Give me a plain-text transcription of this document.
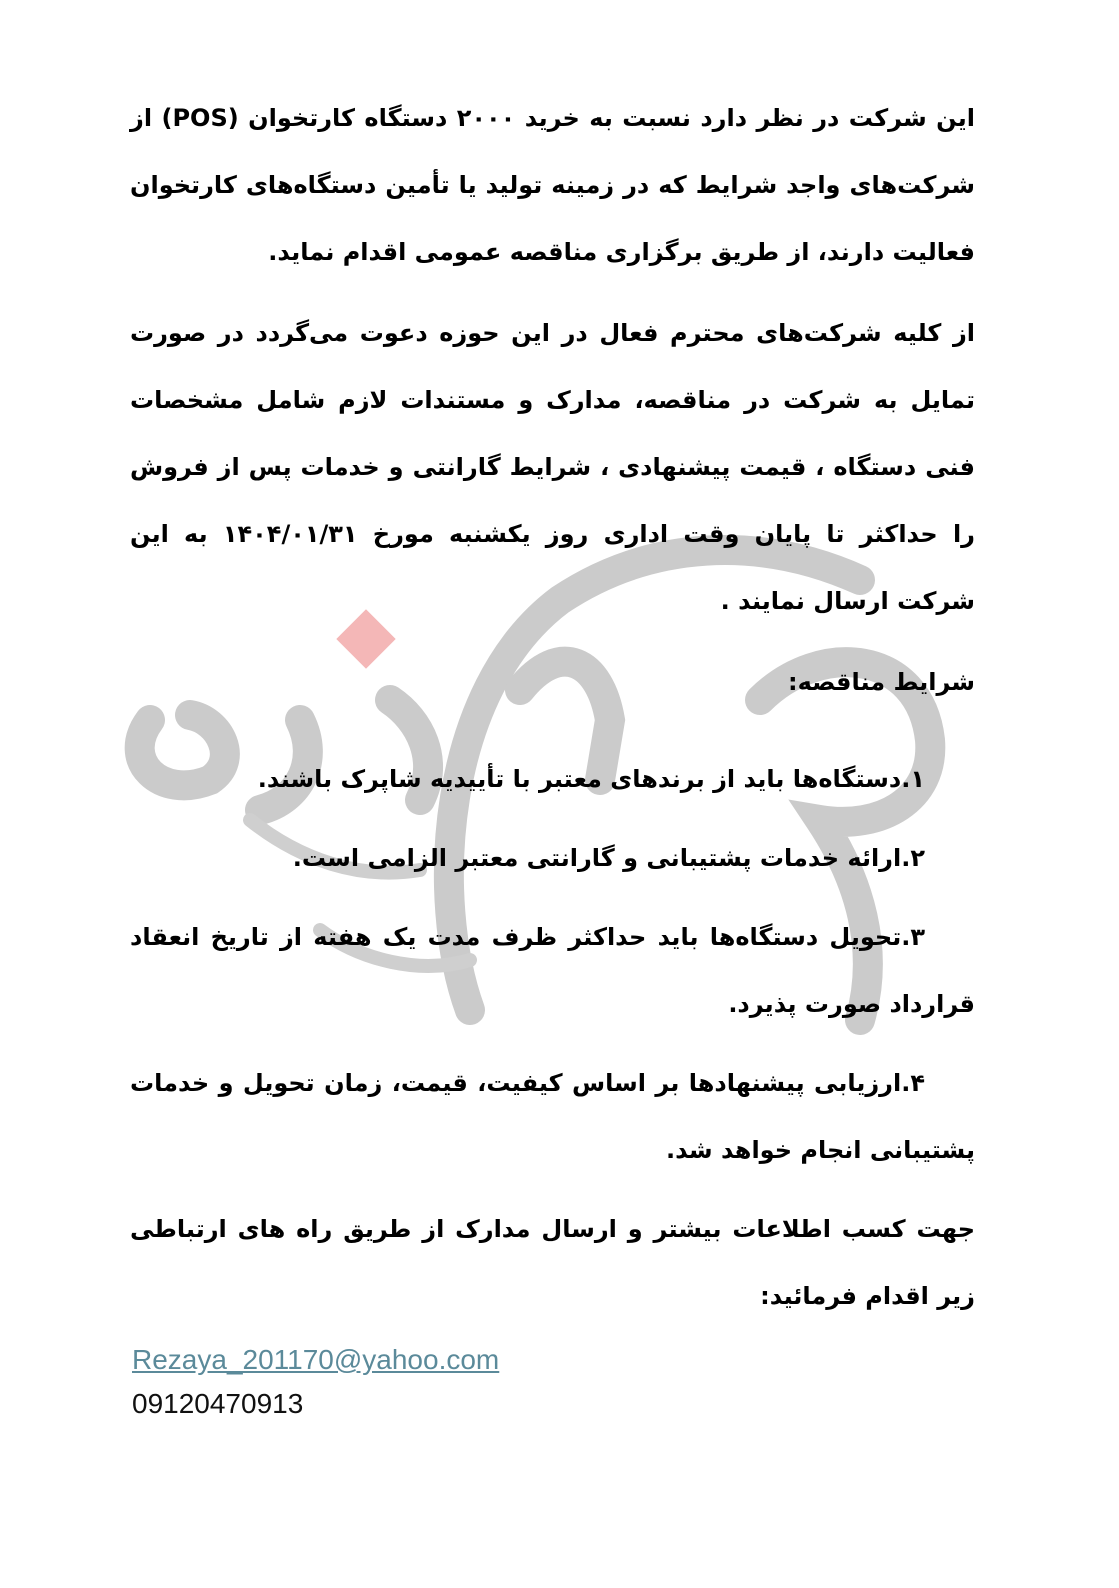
این شرکت در نظر دارد نسبت به خرید ۲۰۰۰ دستگاه کارتخوان (POS) از شرکت‌های واجد شرایط که در زمینه تولید یا تأمین دستگاه‌های کارتخوان فعالیت دارند، از طریق برگزاری مناقصه عمومی اقدام نماید.

از کلیه شرکت‌های محترم فعال در این حوزه دعوت می‌گردد در صورت تمایل به شرکت در مناقصه، مدارک و مستندات لازم شامل مشخصات فنی دستگاه ، قیمت پیشنهادی ، شرایط گارانتی و خدمات پس از فروش را حداکثر تا پایان وقت اداری روز یکشنبه مورخ ۱۴۰۴/۰۱/۳۱ به این شرکت ارسال نمایند .

شرایط مناقصه:

۱.دستگاه‌ها باید از برندهای معتبر با تأییدیه شاپرک باشند.

۲.ارائه خدمات پشتیبانی و گارانتی معتبر الزامی است.

۳.تحویل دستگاه‌ها باید حداکثر ظرف مدت یک هفته از تاریخ انعقاد قرارداد صورت پذیرد.

۴.ارزیابی پیشنهادها بر اساس کیفیت، قیمت، زمان تحویل و خدمات پشتیبانی انجام خواهد شد.

جهت کسب اطلاعات بیشتر و ارسال مدارک از طریق راه های ارتباطی زیر اقدام فرمائید:

Rezaya_201170@yahoo.com
09120470913
